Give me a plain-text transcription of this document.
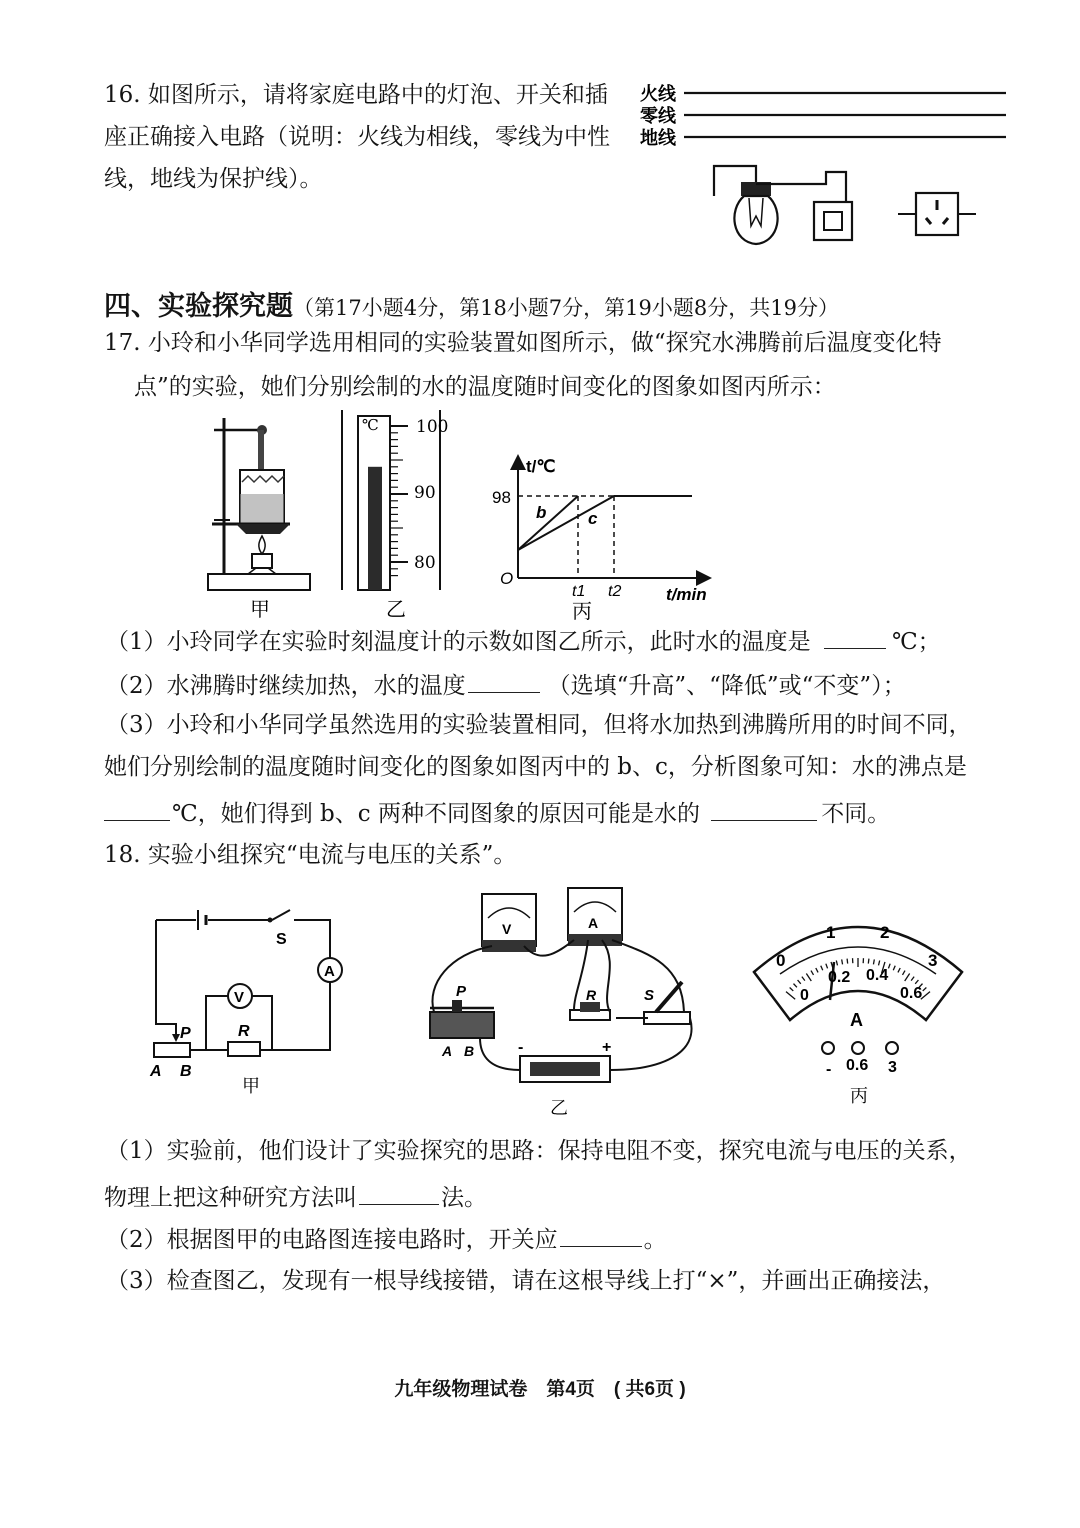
16. 如图所示，请将家庭电路中的灯泡、开关和插
座正确接入电路（说明：火线为相线，零线为中性
线，地线为保护线）。
火线
零线
地线
四、实验探究题（第17小题4分，第18小题7分，第19小题8分，共19分）
17. 小玲和小华同学选用相同的实验装置如图所示，做“探究水沸腾前后温度变化特
点”的实验，她们分别绘制的水的温度随时间变化的图象如图丙所示：
甲
℃ 100
90
80
乙
t/℃
t/min
O
98
b c
t1 t2
丙
（1）小玲同学在实验时刻温度计的示数如图乙所示，此时水的温度是	℃；
（2）水沸腾时继续加热，水的温度	（选填“升高”、“降低”或“不变”）；
（3）小玲和小华同学虽然选用的实验装置相同，但将水加热到沸腾所用的时间不同，
她们分别绘制的温度随时间变化的图象如图丙中的 b、c，分析图象可知：水的沸点是
℃，她们得到 b、c 两种不同图象的原因可能是水的	不同。
18. 实验小组探究“电流与电压的关系”。
S
A
R
P
V
A B
甲
V	A
P
A B
R	S
-	+
乙
0
1	2
3
0
0.2 0.4
0.6
A
- 0.6 3
丙
（1）实验前，他们设计了实验探究的思路：保持电阻不变，探究电流与电压的关系，
物理上把这种研究方法叫	法。
（2）根据图甲的电路图连接电路时，开关应	。
（3）检查图乙，发现有一根导线接错，请在这根导线上打“×”，并画出正确接法，
九年级物理试卷　第4页　( 共6页 )
